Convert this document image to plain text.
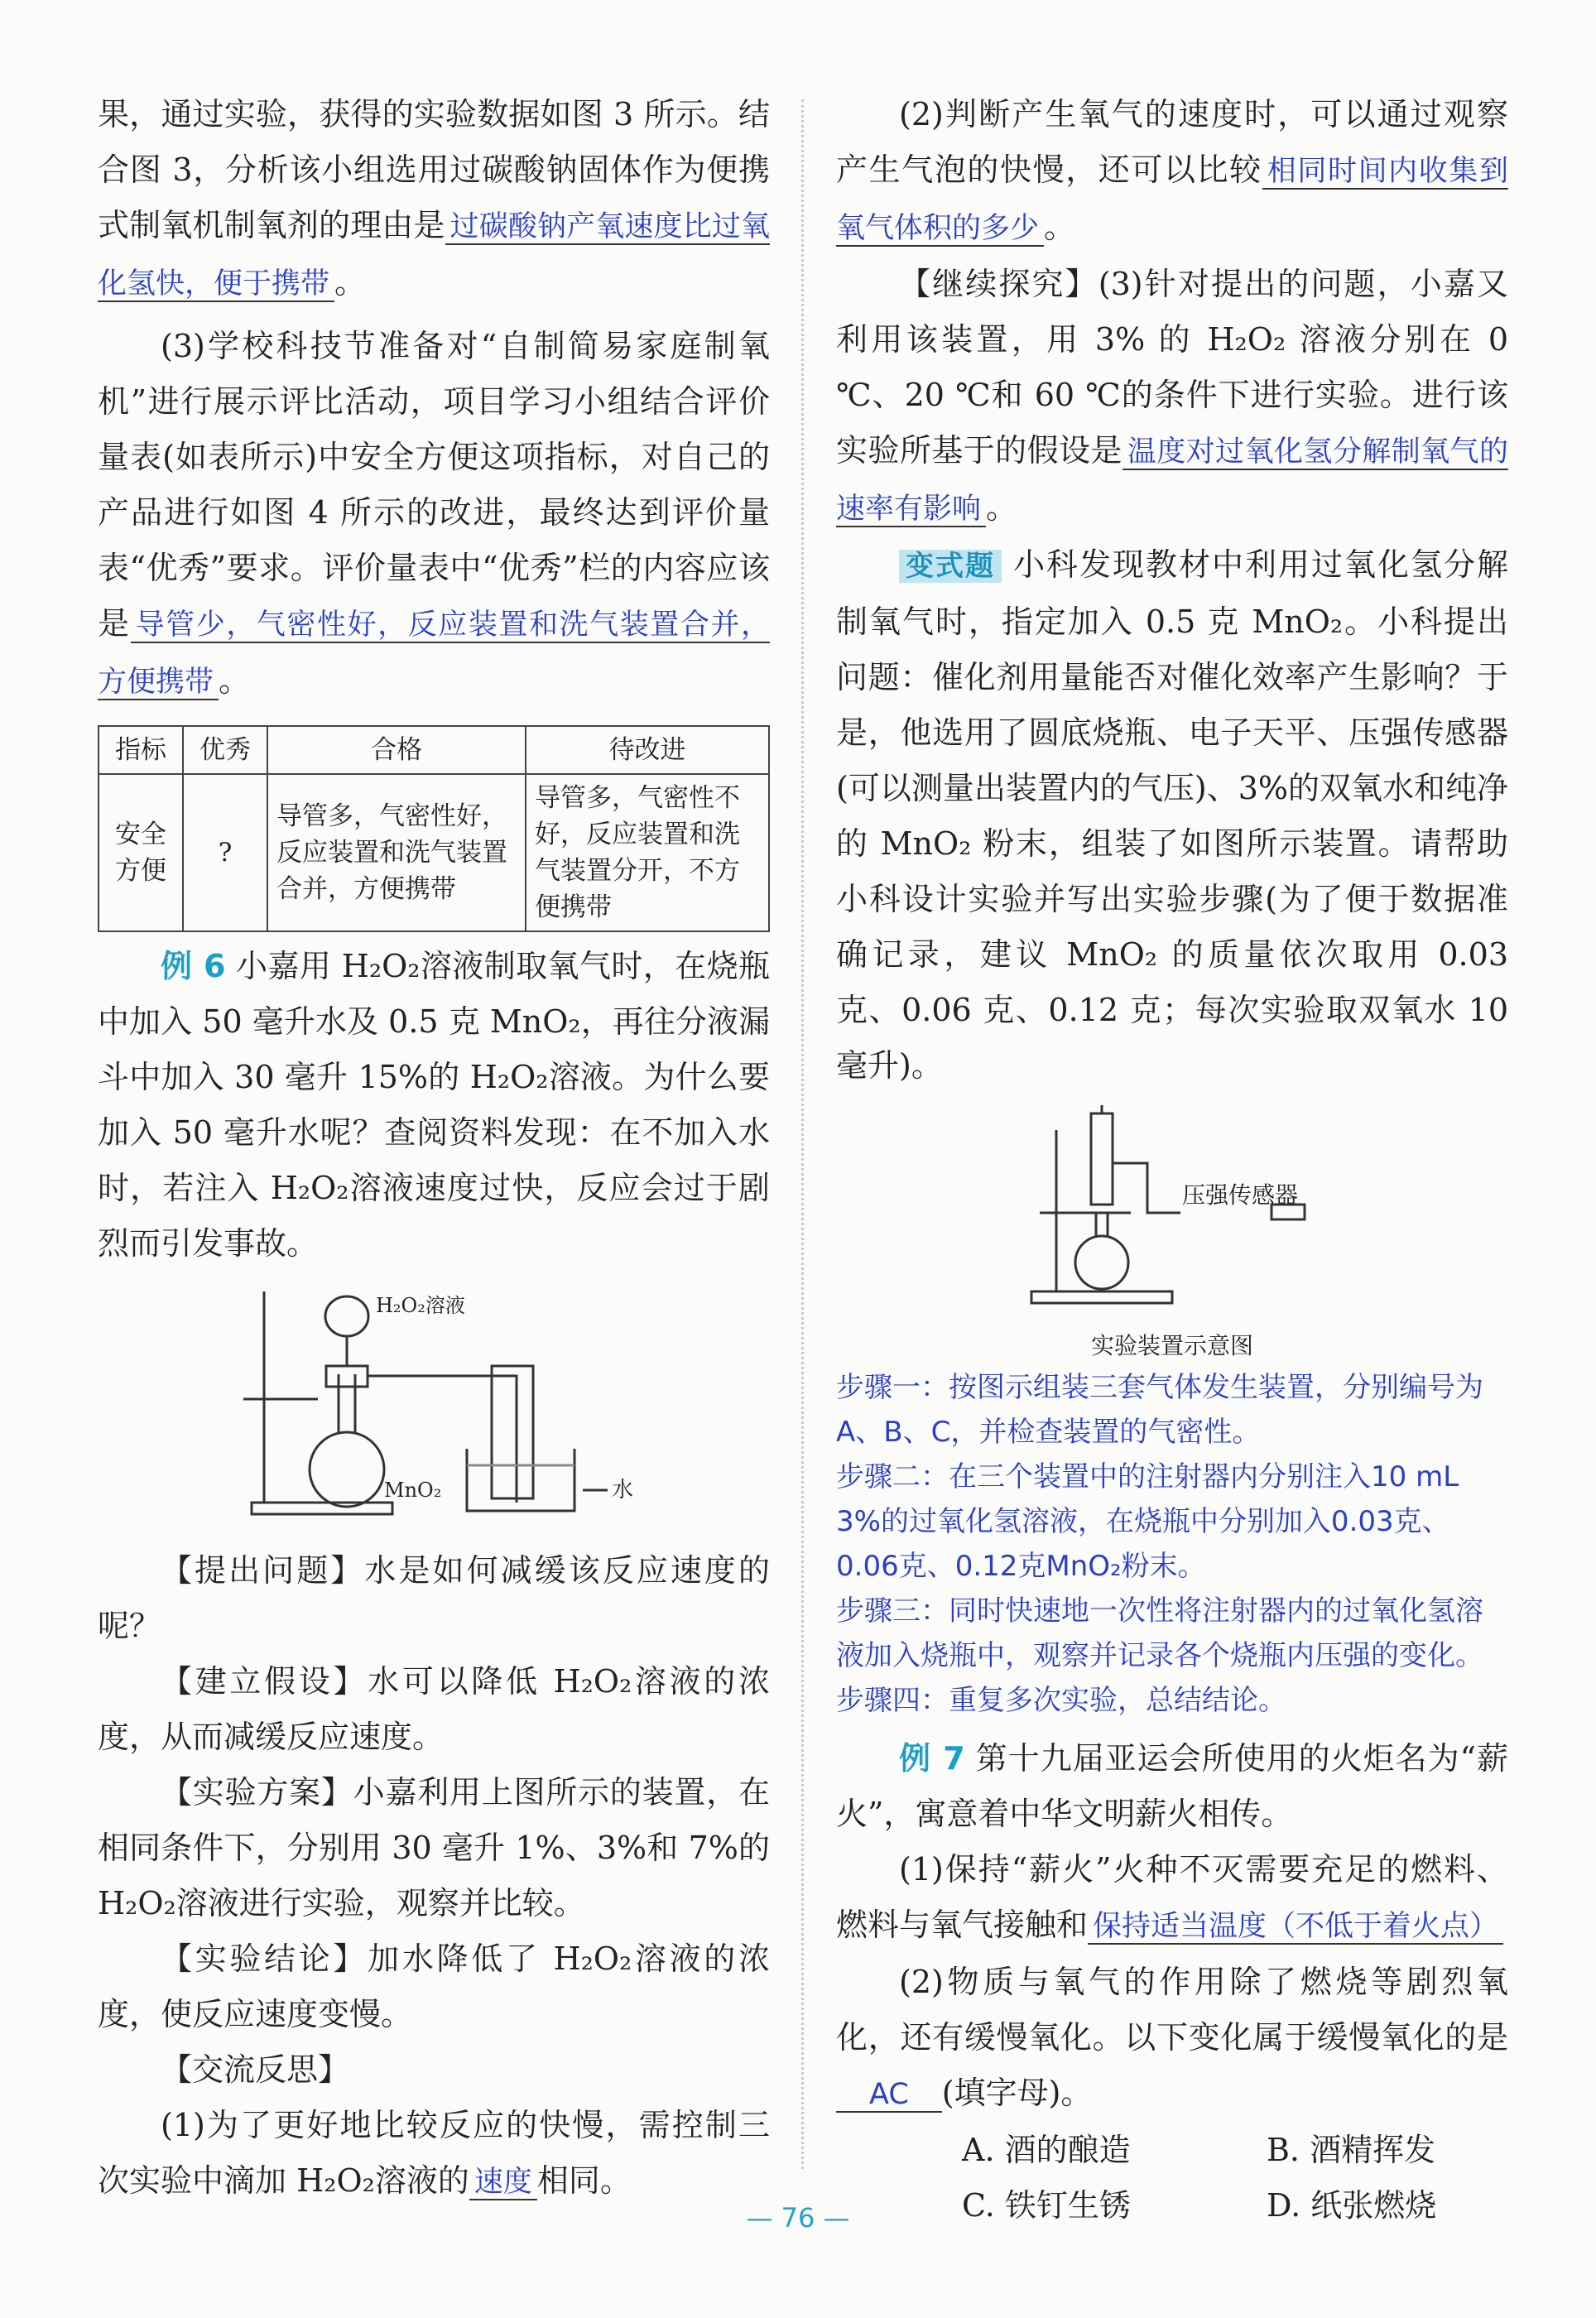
果，通过实验，获得的实验数据如图 3 所示。结合图 3，分析该小组选用过碳酸钠固体作为便携式制氧机制氧剂的理由是 过碳酸钠产氧速度比过氧化氢快，便于携带 。

(3)学校科技节准备对“自制简易家庭制氧机”进行展示评比活动，项目学习小组结合评价量表(如表所示)中安全方便这项指标，对自己的产品进行如图 4 所示的改进，最终达到评价量表“优秀”要求。评价量表中“优秀”栏的内容应该是 导管少，气密性好，反应装置和洗气装置合并，方便携带 。

指标	优秀	合格	待改进
安全方便	?	导管多，气密性好，反应装置和洗气装置合并，方便携带	导管多，气密性不好，反应装置和洗气装置分开，不方便携带

例 6 小嘉用 H₂O₂溶液制取氧气时，在烧瓶中加入 50 毫升水及 0.5 克 MnO₂，再往分液漏斗中加入 30 毫升 15%的 H₂O₂溶液。为什么要加入 50 毫升水呢？查阅资料发现：在不加入水时，若注入 H₂O₂溶液速度过快，反应会过于剧烈而引发事故。

H₂O₂溶液
MnO₂	水

【提出问题】水是如何减缓该反应速度的呢？

【建立假设】水可以降低 H₂O₂溶液的浓度，从而减缓反应速度。

【实验方案】小嘉利用上图所示的装置，在相同条件下，分别用 30 毫升 1%、3%和 7%的 H₂O₂溶液进行实验，观察并比较。

【实验结论】加水降低了 H₂O₂溶液的浓度，使反应速度变慢。

【交流反思】

(1)为了更好地比较反应的快慢，需控制三次实验中滴加 H₂O₂溶液的 速度 相同。

(2)判断产生氧气的速度时，可以通过观察产生气泡的快慢，还可以比较 相同时间内收集到氧气体积的多少 。

【继续探究】(3)针对提出的问题，小嘉又利用该装置，用 3% 的 H₂O₂ 溶液分别在 0 ℃、20 ℃和 60 ℃的条件下进行实验。进行该实验所基于的假设是 温度对过氧化氢分解制氧气的速率有影响 。

变式题 小科发现教材中利用过氧化氢分解制氧气时，指定加入 0.5 克 MnO₂。小科提出问题：催化剂用量能否对催化效率产生影响？于是，他选用了圆底烧瓶、电子天平、压强传感器(可以测量出装置内的气压)、3%的双氧水和纯净的 MnO₂ 粉末，组装了如图所示装置。请帮助小科设计实验并写出实验步骤(为了便于数据准确记录，建议 MnO₂ 的质量依次取用 0.03 克、0.06 克、0.12 克；每次实验取双氧水 10 毫升)。

压强传感器
实验装置示意图
步骤一：按图示组装三套气体发生装置，分别编号为A、B、C，并检查装置的气密性。
步骤二：在三个装置中的注射器内分别注入10 mL 3%的过氧化氢溶液，在烧瓶中分别加入0.03克、0.06克、0.12克MnO₂粉末。
步骤三：同时快速地一次性将注射器内的过氧化氢溶液加入烧瓶中，观察并记录各个烧瓶内压强的变化。
步骤四：重复多次实验，总结结论。

例 7 第十九届亚运会所使用的火炬名为“薪火”，寓意着中华文明薪火相传。

(1)保持“薪火”火种不灭需要充足的燃料、燃料与氧气接触和 保持适当温度（不低于着火点）

(2)物质与氧气的作用除了燃烧等剧烈氧化，还有缓慢氧化。以下变化属于缓慢氧化的是AC (填字母)。

A. 酒的酿造	B. 酒精挥发
C. 铁钉生锈	D. 纸张燃烧
— 76 —
